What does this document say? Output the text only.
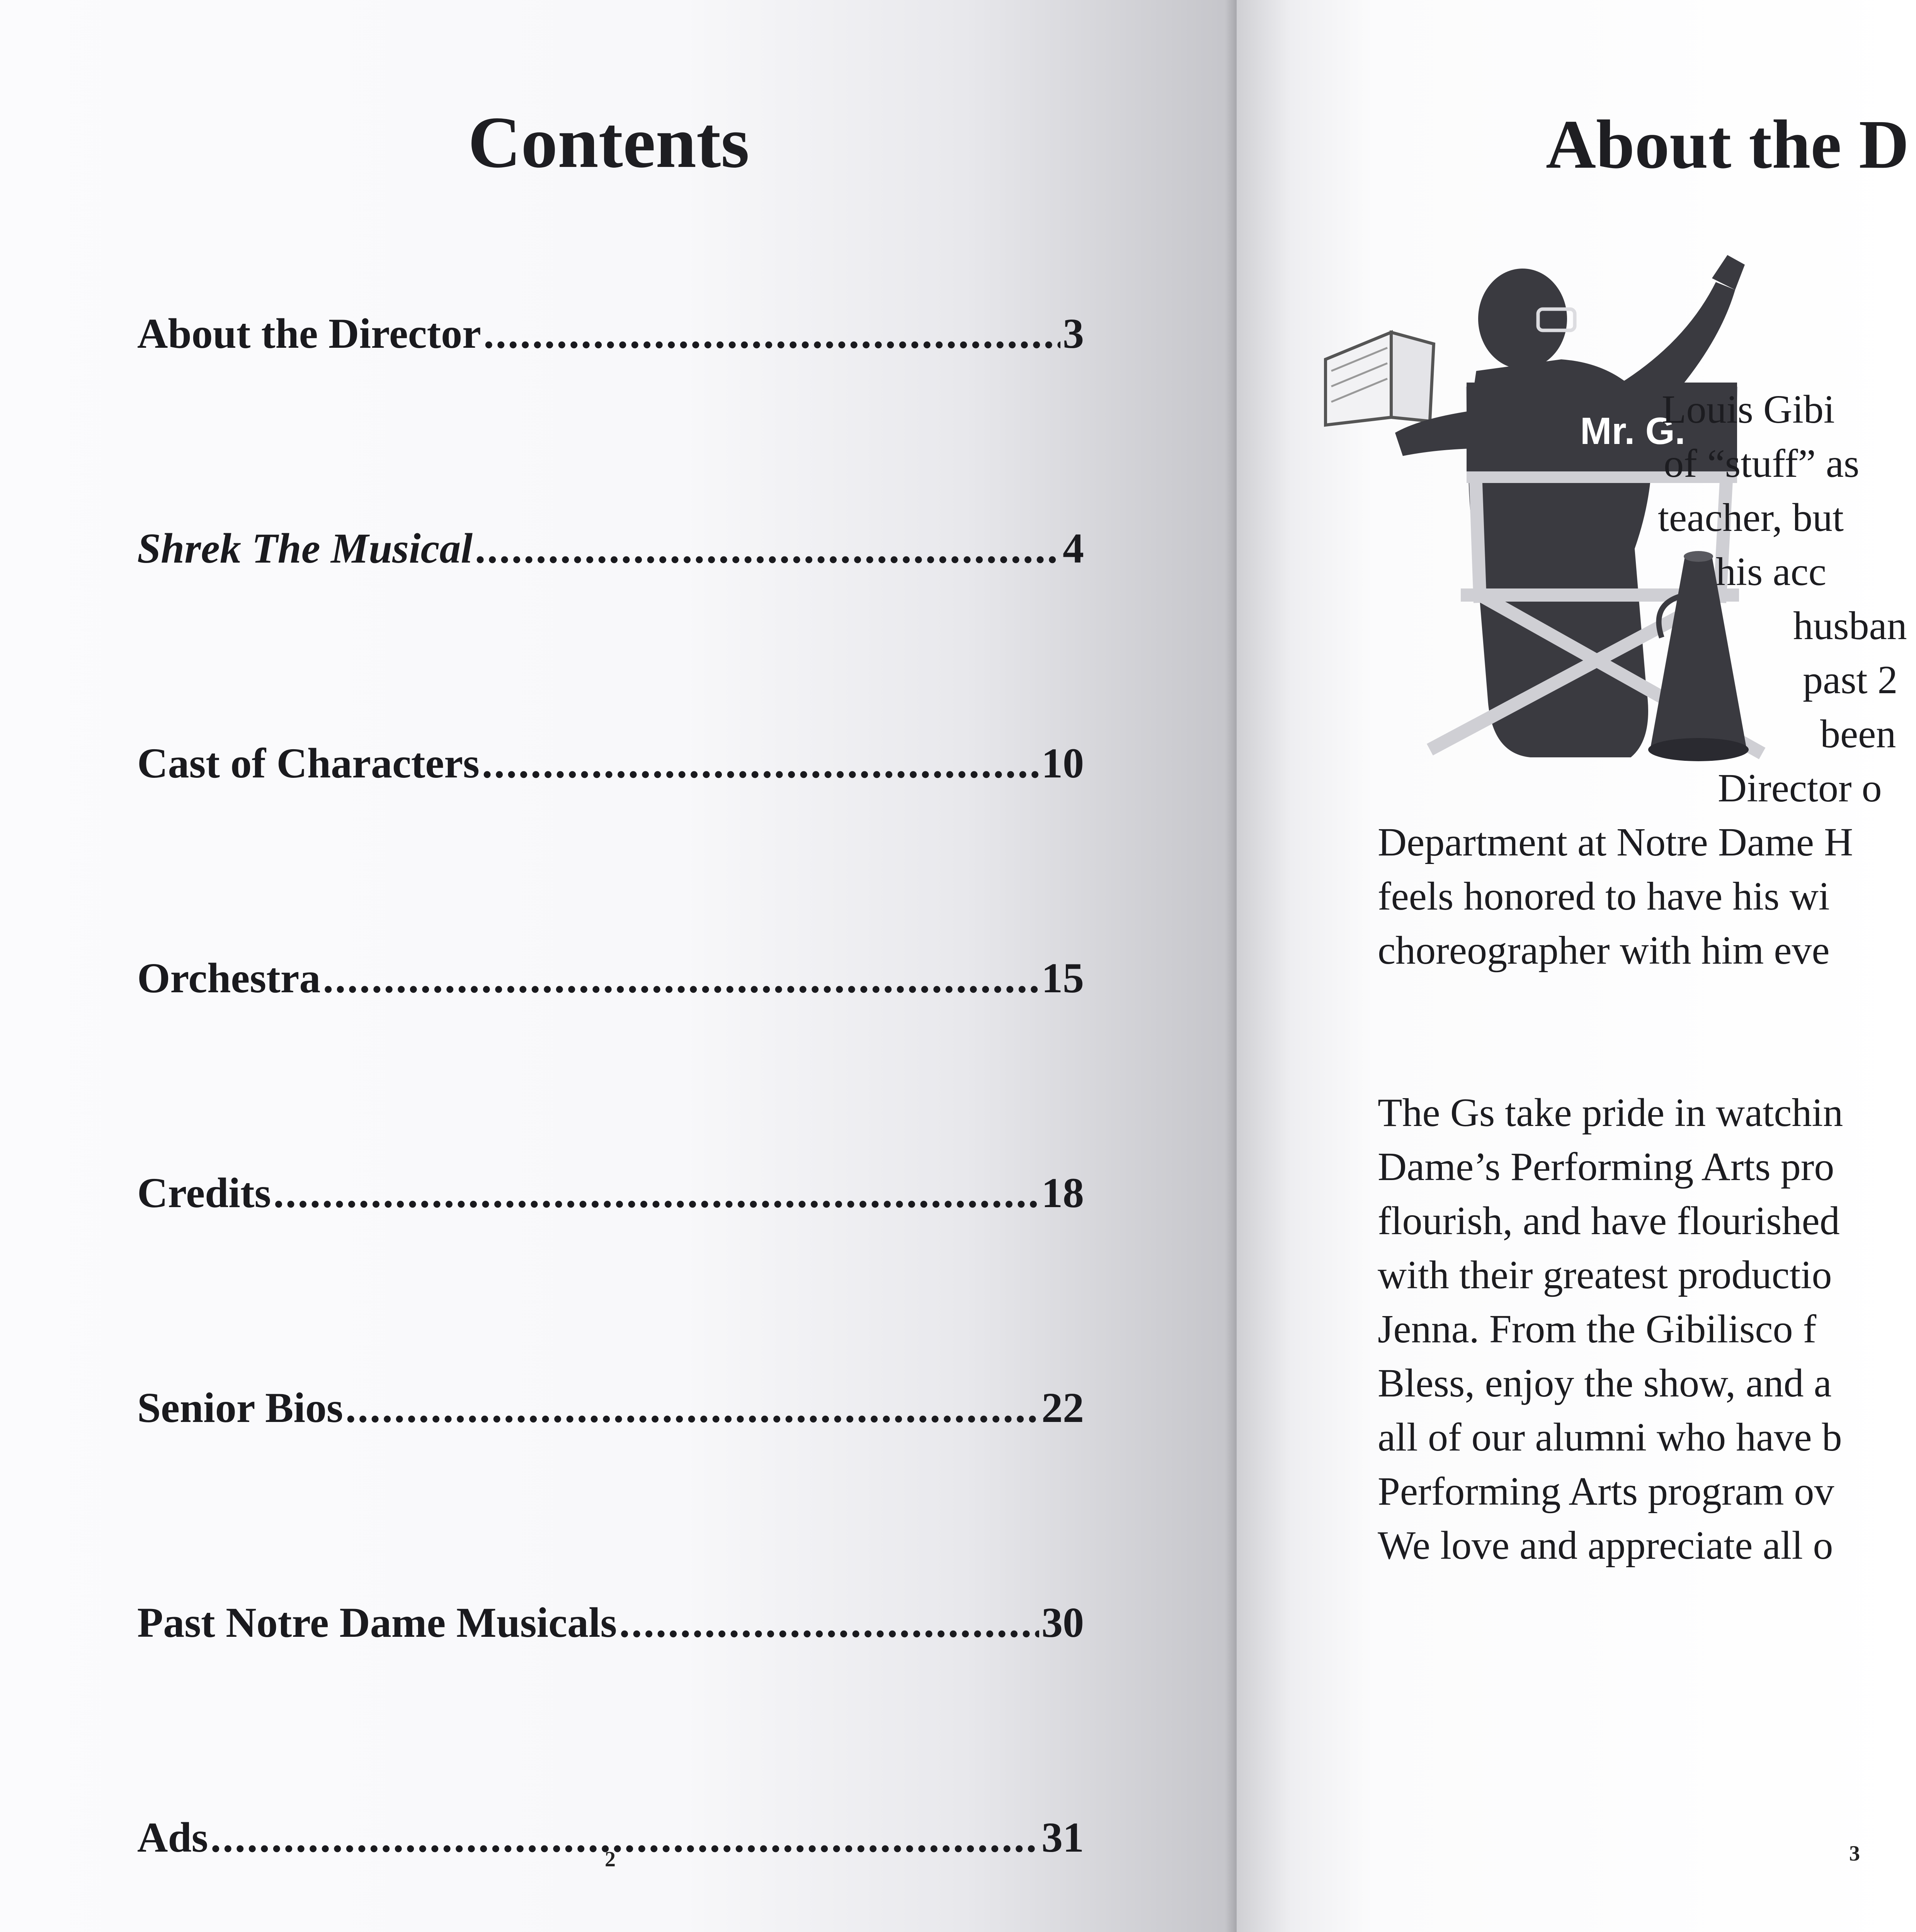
Contents
About the Director .....	3
Shrek The Musical .....	4
Cast of Characters .....	10
Orchestra .....	15
Credits .....	18
Senior Bios .....	22
Past Notre Dame Musicals .....	30
Ads .....	31
2
About the D
Mr. G.
Louis Gibi
of “stuff” as
teacher, but
his acc
husban
past 2
been
Director o
Department at Notre Dame H
feels honored to have his wi
choreographer with him eve
The Gs take pride in watchin
Dame’s Performing Arts pro
flourish, and have flourished
with their greatest productio
Jenna. From the Gibilisco f
Bless, enjoy the show, and a
all of our alumni who have b
Performing Arts program ov
We love and appreciate all o
3
